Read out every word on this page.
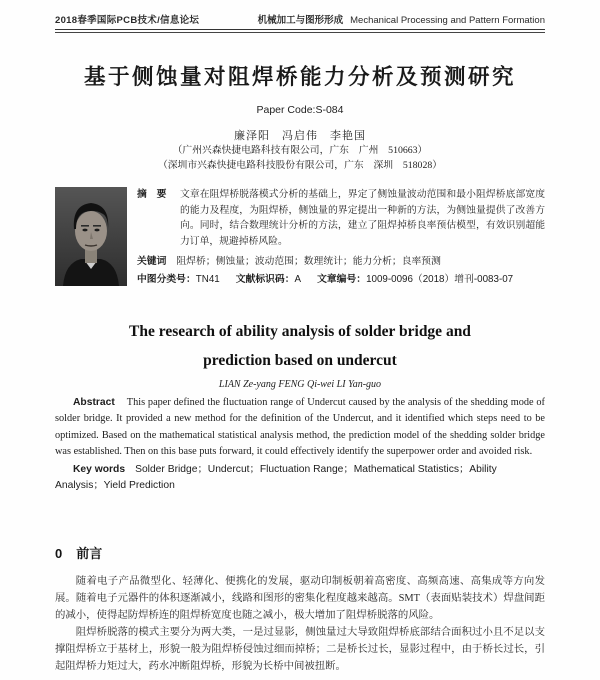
2018春季国际PCB技术/信息论坛	机械加工与图形形成 Mechanical Processing and Pattern Formation
基于侧蚀量对阻焊桥能力分析及预测研究
Paper Code:S-084
廉泽阳　冯启伟　李艳国
（广州兴森快捷电路科技有限公司，广东　广州　510663）
（深圳市兴森快捷电路科技股份有限公司，广东　深圳　518028）
摘　要	文章在阻焊桥脱落模式分析的基础上，界定了侧蚀量波动范围和最小阻焊桥底部宽度的能力及程度，为阻焊桥，侧蚀量的界定提出一种新的方法，为侧蚀量提供了改善方向。同时，结合数理统计分析的方法，建立了阻焊掉桥良率预估模型，有效识别超能力订单，规避掉桥风险。
关键词 阻焊桥；侧蚀量；波动范围；数理统计；能力分析；良率预测
中图分类号：TN41 文献标识码：A 文章编号：1009-0096（2018）增刊-0083-07
The research of ability analysis of solder bridge and
prediction based on undercut
LIAN Ze-yang FENG Qi-wei LI Yan-guo
Abstract This paper defined the fluctuation range of Undercut caused by the analysis of the shedding mode of solder bridge. It provided a new method for the definition of the Undercut, and it identified which steps need to be optimized. Based on the mathematical statistical analysis method, the prediction model of the shedding solder bridge was established. Then on this base puts forward, it could effectively identify the superpower order and avoided risk.
Key words Solder Bridge；Undercut；Fluctuation Range；Mathematical Statistics；Ability Analysis；Yield Prediction
0 前言
随着电子产品微型化、轻薄化、便携化的发展，驱动印制板朝着高密度、高频高速、高集成等方向发展。随着电子元器件的体积逐渐减小，线路和图形的密集化程度越来越高。SMT（表面贴装技术）焊盘间距的减小，使得起防焊桥连的阻焊桥宽度也随之减小，极大增加了阻焊桥脱落的风险。
阻焊桥脱落的模式主要分为两大类，一是过显影，侧蚀量过大导致阻焊桥底部结合面积过小且不足以支撑阻焊桥立于基材上，形貌一般为阻焊桥侵蚀过细而掉桥；二是桥长过长，显影过程中，由于桥长过长，引起阻焊桥力矩过大，药水冲断阻焊桥，形貌为长桥中间被扭断。
